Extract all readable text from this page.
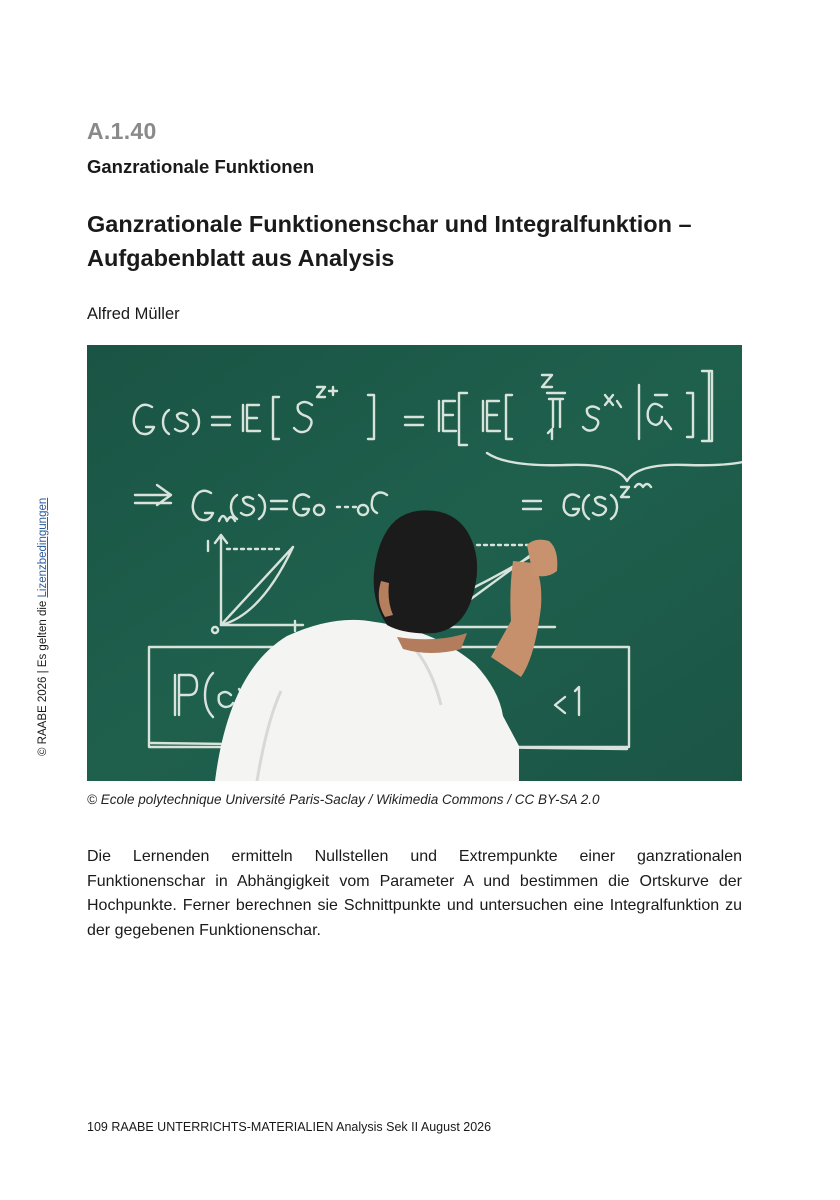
A.1.40
Ganzrationale Funktionen
Ganzrationale Funktionenschar und Integralfunktion –
Aufgabenblatt aus Analysis
Alfred Müller
© Ecole polytechnique Université Paris-Saclay / Wikimedia Commons / CC BY-SA 2.0
Die Lernenden ermitteln Nullstellen und Extrempunkte einer ganzrationalen Funktionenschar in Abhängigkeit vom Parameter A und bestimmen die Ortskurve der Hochpunkte. Ferner berechnen sie Schnittpunkte und untersuchen eine Integralfunktion zu der gegebenen Funktionenschar.
© RAABE 2026 | Es gelten die Lizenzbedingungen
109 RAABE UNTERRICHTS-MATERIALIEN Analysis Sek II August 2026
